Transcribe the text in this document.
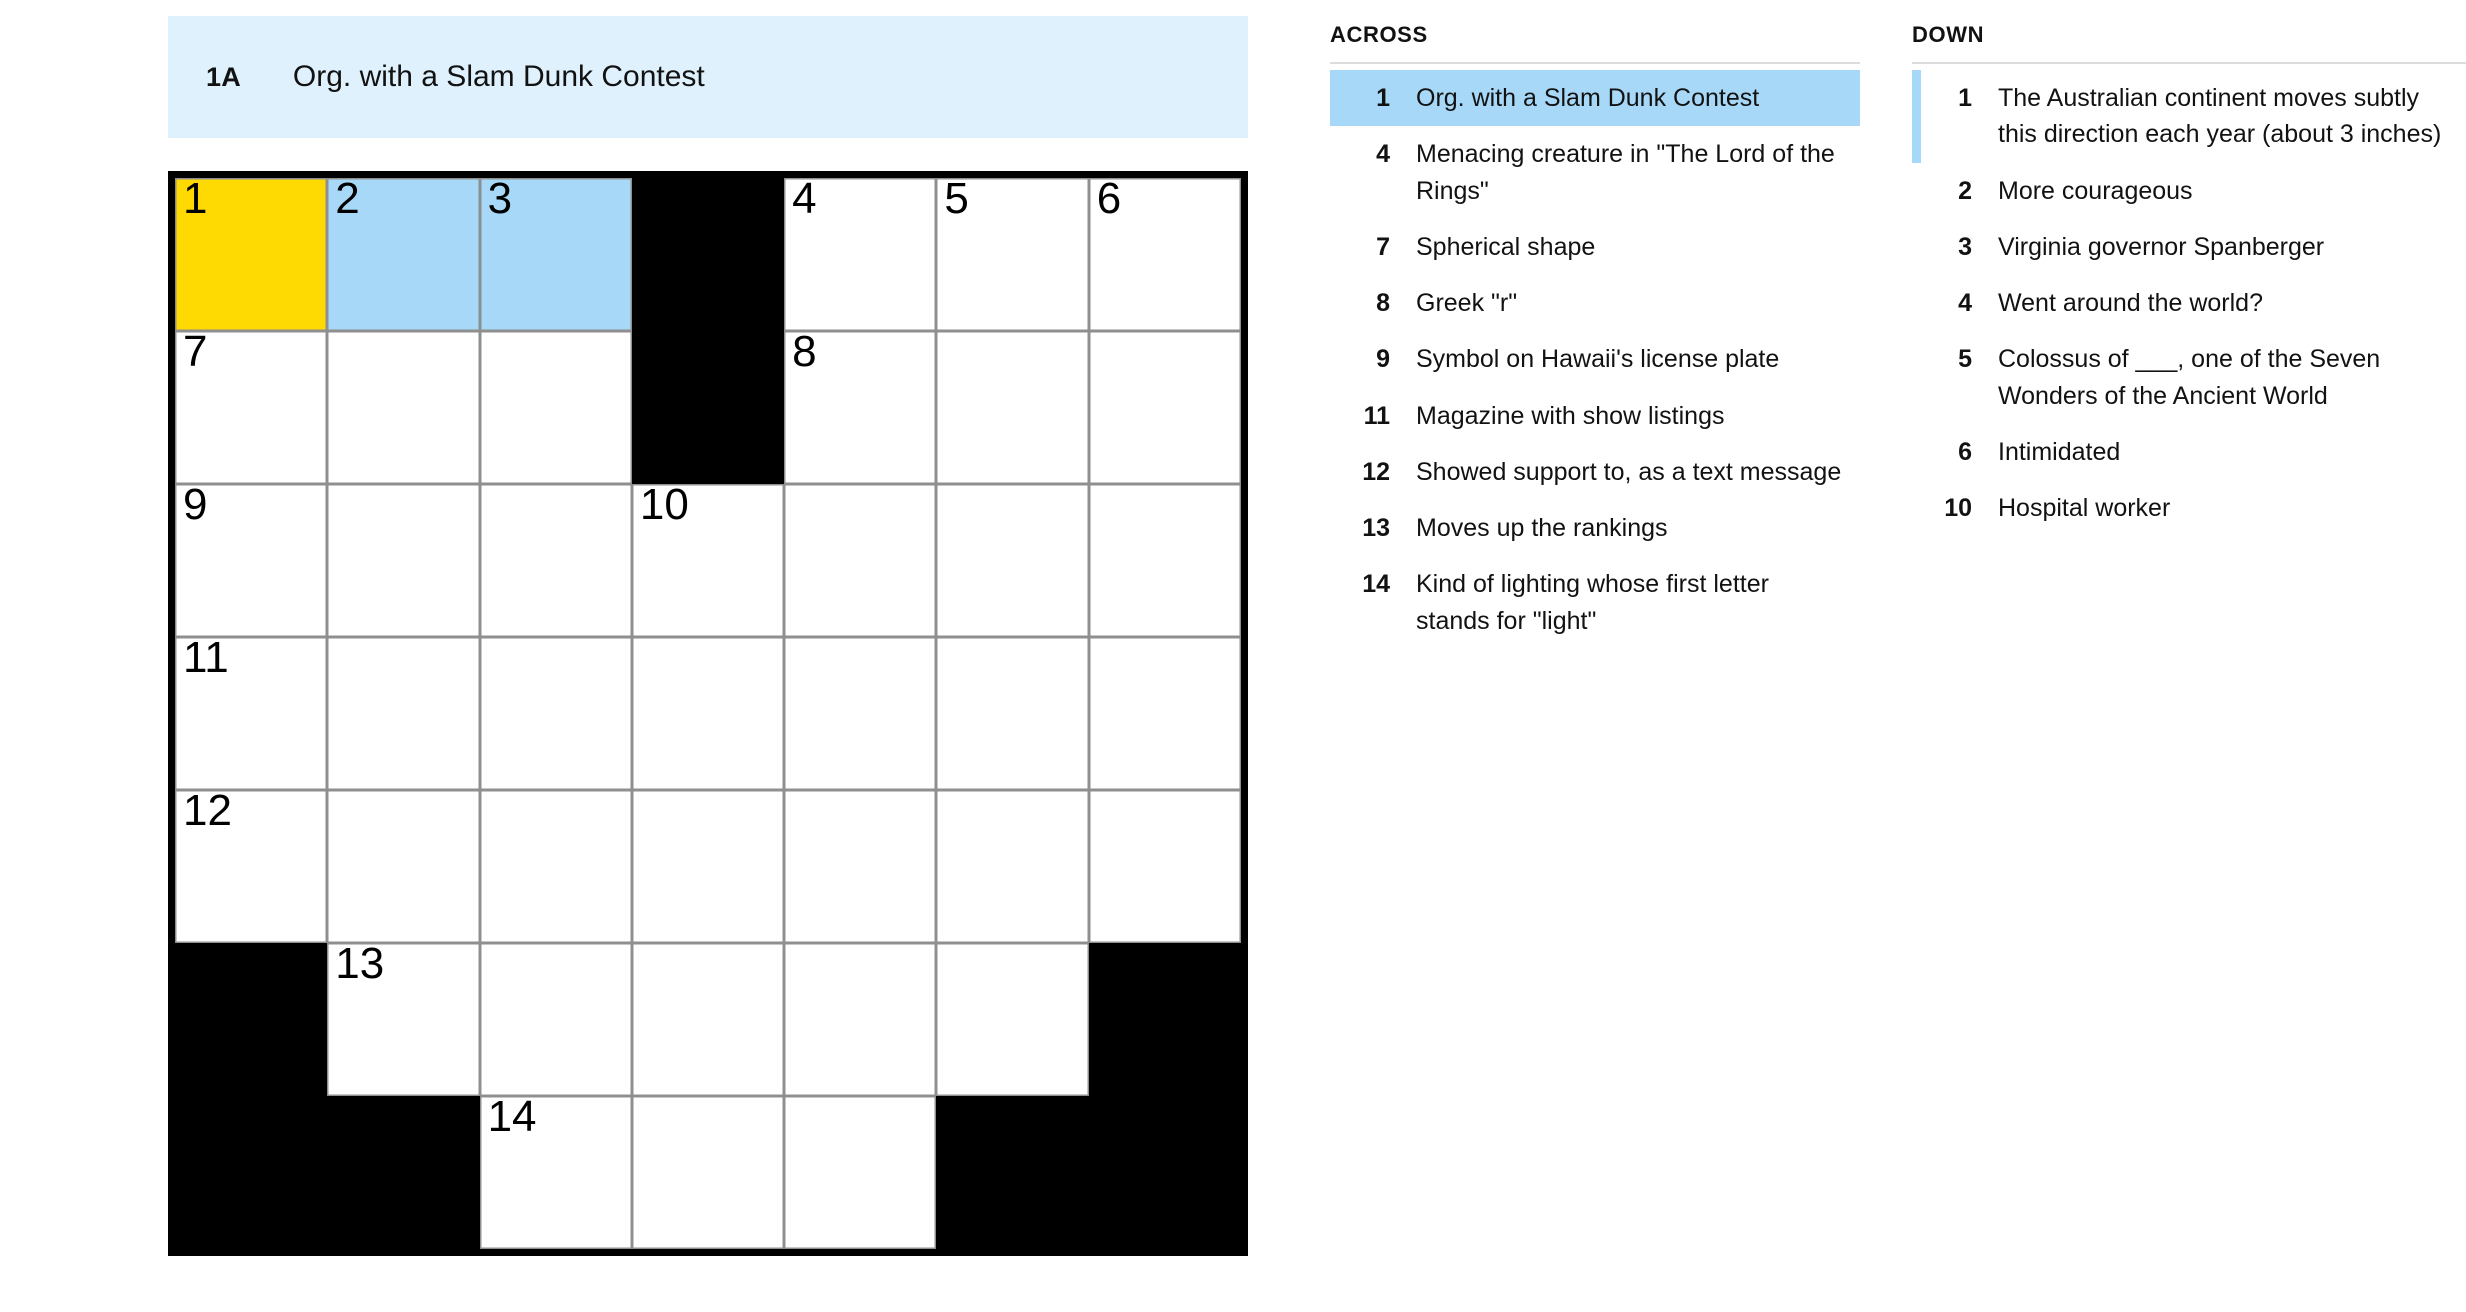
1A Org. with a Slam Dunk Contest
1	2	3	4	5	6
7	8
9	10
11
12
13
14
ACROSS
1 Org. with a Slam Dunk Contest
4 Menacing creature in "The Lord of the Rings"
7 Spherical shape
8 Greek "r"
9 Symbol on Hawaii's license plate
11 Magazine with show listings
12 Showed support to, as a text message
13 Moves up the rankings
14 Kind of lighting whose first letter stands for "light"
DOWN
1 The Australian continent moves subtly this direction each year (about 3 inches)
2 More courageous
3 Virginia governor Spanberger
4 Went around the world?
5 Colossus of ___, one of the Seven Wonders of the Ancient World
6 Intimidated
10 Hospital worker
